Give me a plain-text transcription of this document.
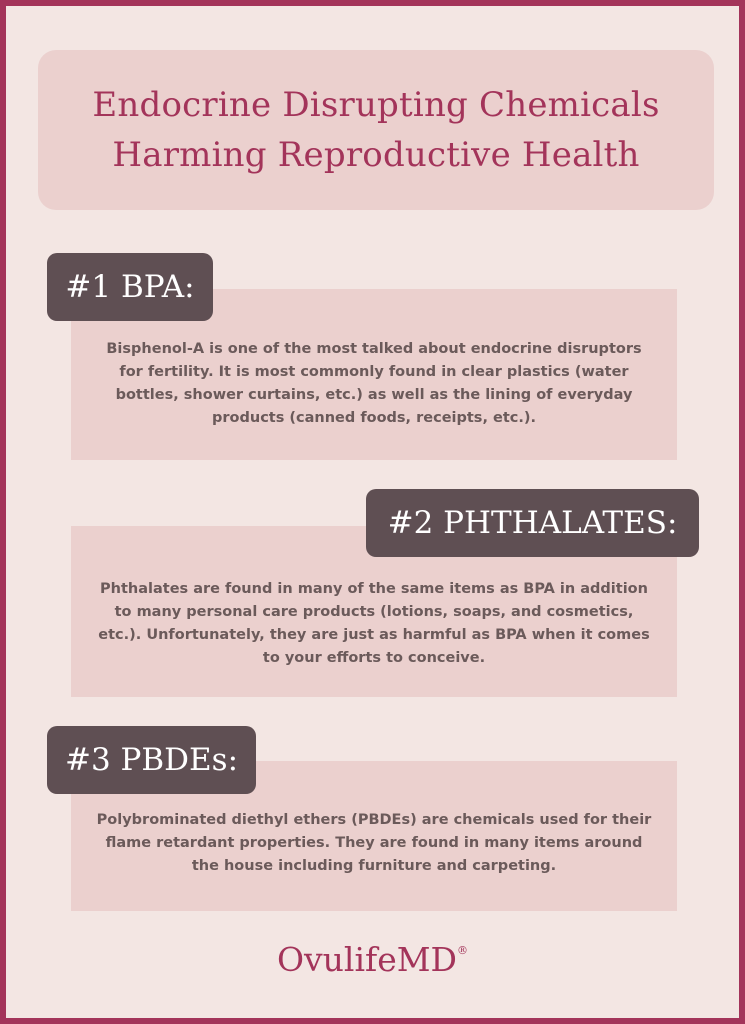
Endocrine Disrupting Chemicals
Harming Reproductive Health
Bisphenol-A is one of the most talked about endocrine disruptors for fertility. It is most commonly found in clear plastics (water bottles, shower curtains, etc.) as well as the lining of everyday products (canned foods, receipts, etc.).
#1 BPA:
Phthalates are found in many of the same items as BPA in addition to many personal care products (lotions, soaps, and cosmetics, etc.). Unfortunately, they are just as harmful as BPA when it comes to your efforts to conceive.
#2 PHTHALATES:
Polybrominated diethyl ethers (PBDEs) are chemicals used for their flame retardant properties. They are found in many items around the house including furniture and carpeting.
#3 PBDEs:
OvulifeMD®
